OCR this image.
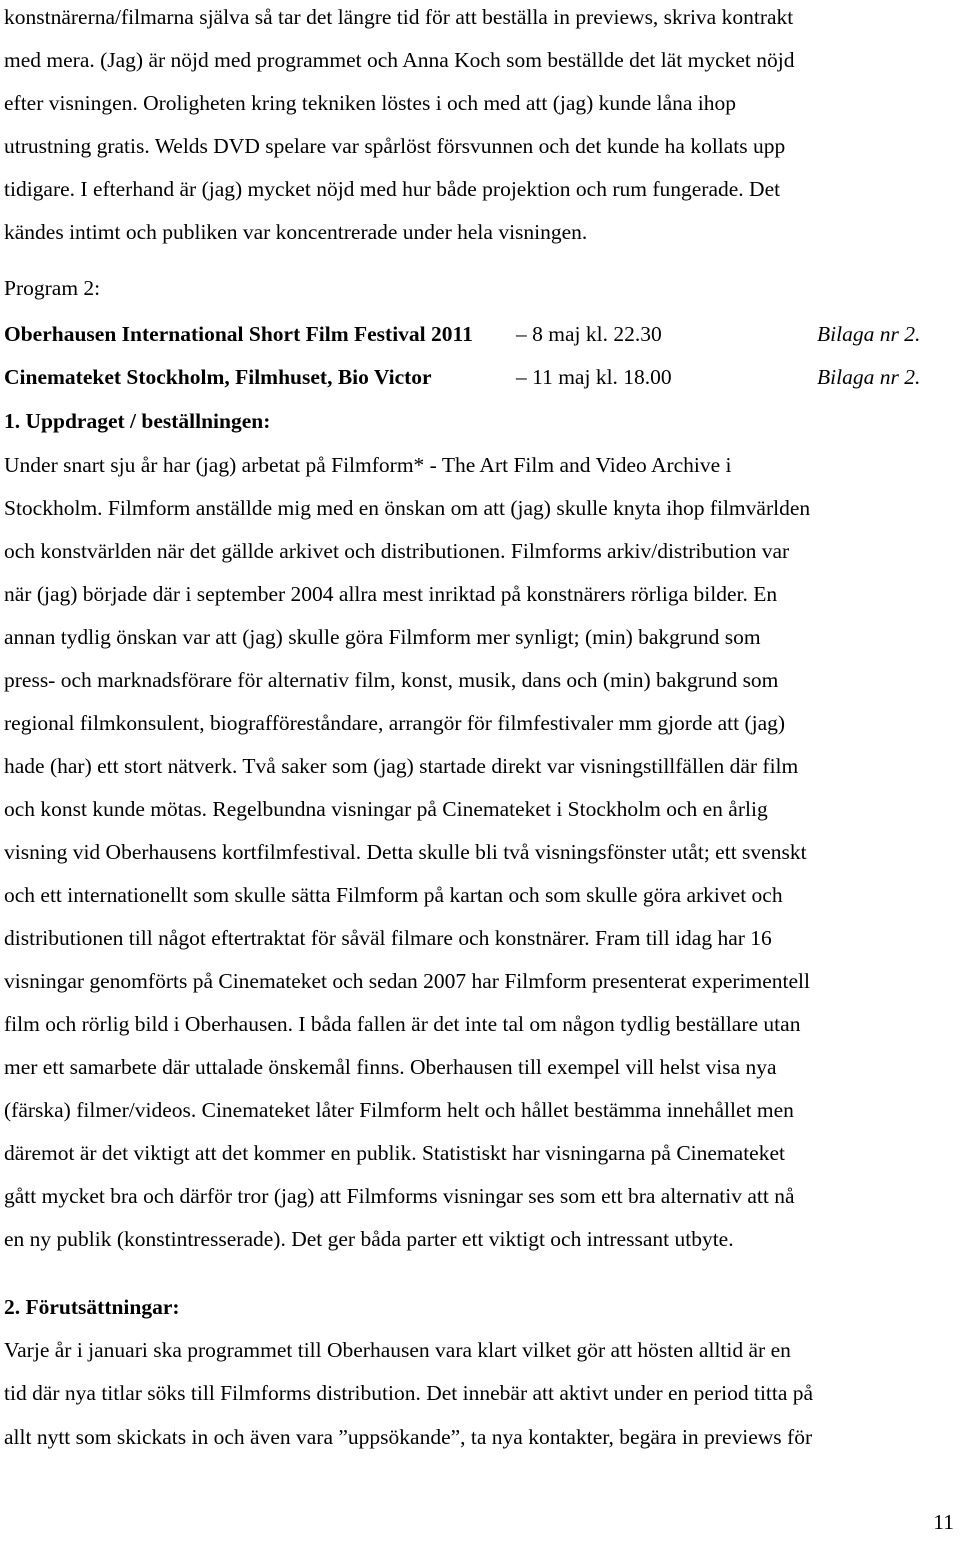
konstnärerna/filmarna själva så tar det längre tid för att beställa in previews, skriva kontrakt
med mera. (Jag) är nöjd med programmet och Anna Koch som beställde det lät mycket nöjd
efter visningen. Oroligheten kring tekniken löstes i och med att (jag) kunde låna ihop
utrustning gratis. Welds DVD spelare var spårlöst försvunnen och det kunde ha kollats upp
tidigare. I efterhand är (jag) mycket nöjd med hur både projektion och rum fungerade. Det
kändes intimt och publiken var koncentrerade under hela visningen.
Program 2:
Oberhausen International Short Film Festival 2011 – 8 maj kl. 22.30	Bilaga nr 2.
Cinemateket Stockholm, Filmhuset, Bio Victor	– 11 maj kl. 18.00	Bilaga nr 2.
1. Uppdraget / beställningen:
Under snart sju år har (jag) arbetat på Filmform* - The Art Film and Video Archive i
Stockholm. Filmform anställde mig med en önskan om att (jag) skulle knyta ihop filmvärlden
och konstvärlden när det gällde arkivet och distributionen. Filmforms arkiv/distribution var
när (jag) började där i september 2004 allra mest inriktad på konstnärers rörliga bilder. En
annan tydlig önskan var att (jag) skulle göra Filmform mer synligt; (min) bakgrund som
press- och marknadsförare för alternativ film, konst, musik, dans och (min) bakgrund som
regional filmkonsulent, biografföreståndare, arrangör för filmfestivaler mm gjorde att (jag)
hade (har) ett stort nätverk. Två saker som (jag) startade direkt var visningstillfällen där film
och konst kunde mötas. Regelbundna visningar på Cinemateket i Stockholm och en årlig
visning vid Oberhausens kortfilmfestival. Detta skulle bli två visningsfönster utåt; ett svenskt
och ett internationellt som skulle sätta Filmform på kartan och som skulle göra arkivet och
distributionen till något eftertraktat för såväl filmare och konstnärer. Fram till idag har 16
visningar genomförts på Cinemateket och sedan 2007 har Filmform presenterat experimentell
film och rörlig bild i Oberhausen. I båda fallen är det inte tal om någon tydlig beställare utan
mer ett samarbete där uttalade önskemål finns. Oberhausen till exempel vill helst visa nya
(färska) filmer/videos. Cinemateket låter Filmform helt och hållet bestämma innehållet men
däremot är det viktigt att det kommer en publik. Statistiskt har visningarna på Cinemateket
gått mycket bra och därför tror (jag) att Filmforms visningar ses som ett bra alternativ att nå
en ny publik (konstintresserade). Det ger båda parter ett viktigt och intressant utbyte.
2. Förutsättningar:
Varje år i januari ska programmet till Oberhausen vara klart vilket gör att hösten alltid är en
tid där nya titlar söks till Filmforms distribution. Det innebär att aktivt under en period titta på
allt nytt som skickats in och även vara ”uppsökande”, ta nya kontakter, begära in previews för
11
